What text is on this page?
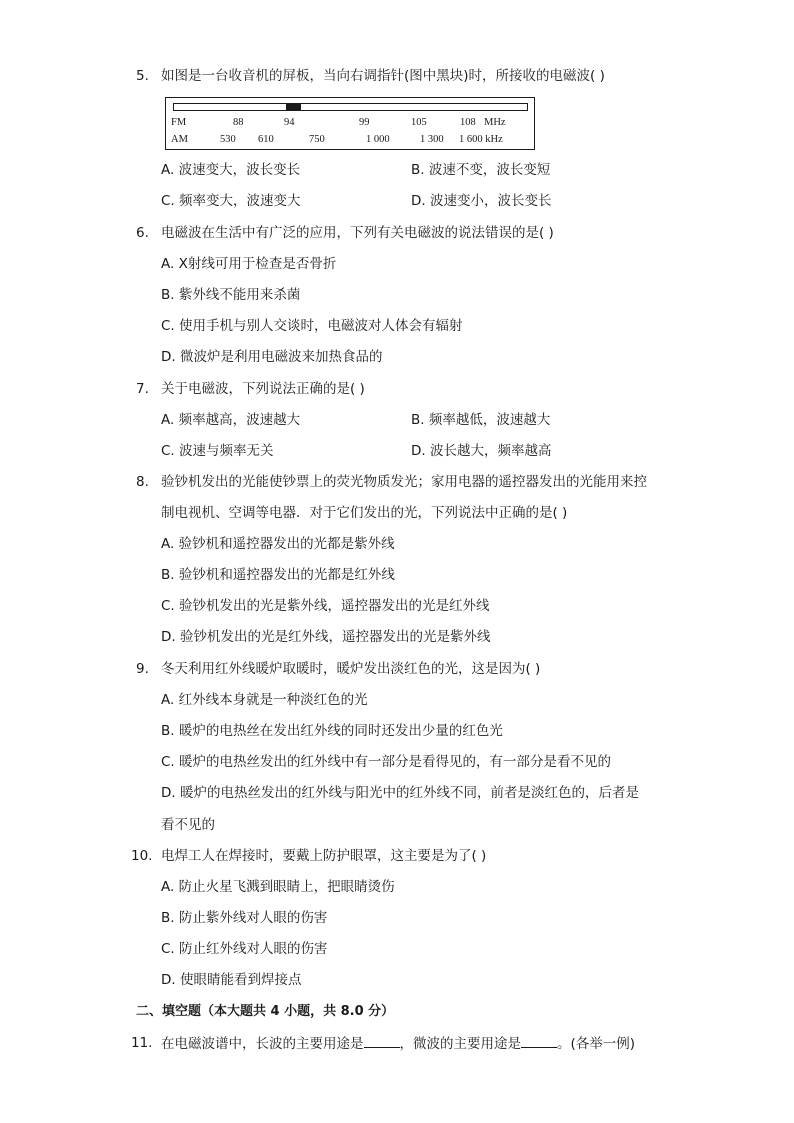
5. 如图是一台收音机的屏板，当向右调指针(图中黑块)时，所接收的电磁波( )
FM	88	94	99	105	108 MHz
AM	530 610	750	1 000	1 300 1 600 kHz
A. 波速变大，波长变长	B. 波速不变，波长变短
C. 频率变大，波速变大	D. 波速变小，波长变长
6. 电磁波在生活中有广泛的应用，下列有关电磁波的说法错误的是( )
A. X射线可用于检查是否骨折
B. 紫外线不能用来杀菌
C. 使用手机与别人交谈时，电磁波对人体会有辐射
D. 微波炉是利用电磁波来加热食品的
7. 关于电磁波，下列说法正确的是( )
A. 频率越高，波速越大	B. 频率越低，波速越大
C. 波速与频率无关	D. 波长越大，频率越高
8. 验钞机发出的光能使钞票上的荧光物质发光；家用电器的遥控器发出的光能用来控
制电视机、空调等电器．对于它们发出的光，下列说法中正确的是( )
A. 验钞机和遥控器发出的光都是紫外线
B. 验钞机和遥控器发出的光都是红外线
C. 验钞机发出的光是紫外线，遥控器发出的光是红外线
D. 验钞机发出的光是红外线，遥控器发出的光是紫外线
9. 冬天利用红外线暖炉取暖时，暖炉发出淡红色的光，这是因为( )
A. 红外线本身就是一种淡红色的光
B. 暖炉的电热丝在发出红外线的同时还发出少量的红色光
C. 暖炉的电热丝发出的红外线中有一部分是看得见的，有一部分是看不见的
D. 暖炉的电热丝发出的红外线与阳光中的红外线不同，前者是淡红色的，后者是
看不见的
10. 电焊工人在焊接时，要戴上防护眼罩，这主要是为了( )
A. 防止火星飞溅到眼睛上，把眼睛烫伤
B. 防止紫外线对人眼的伤害
C. 防止红外线对人眼的伤害
D. 使眼睛能看到焊接点
二、填空题（本大题共 4 小题，共 8.0 分）
11. 在电磁波谱中，长波的主要用途是	，微波的主要用途是	。(各举一例)
